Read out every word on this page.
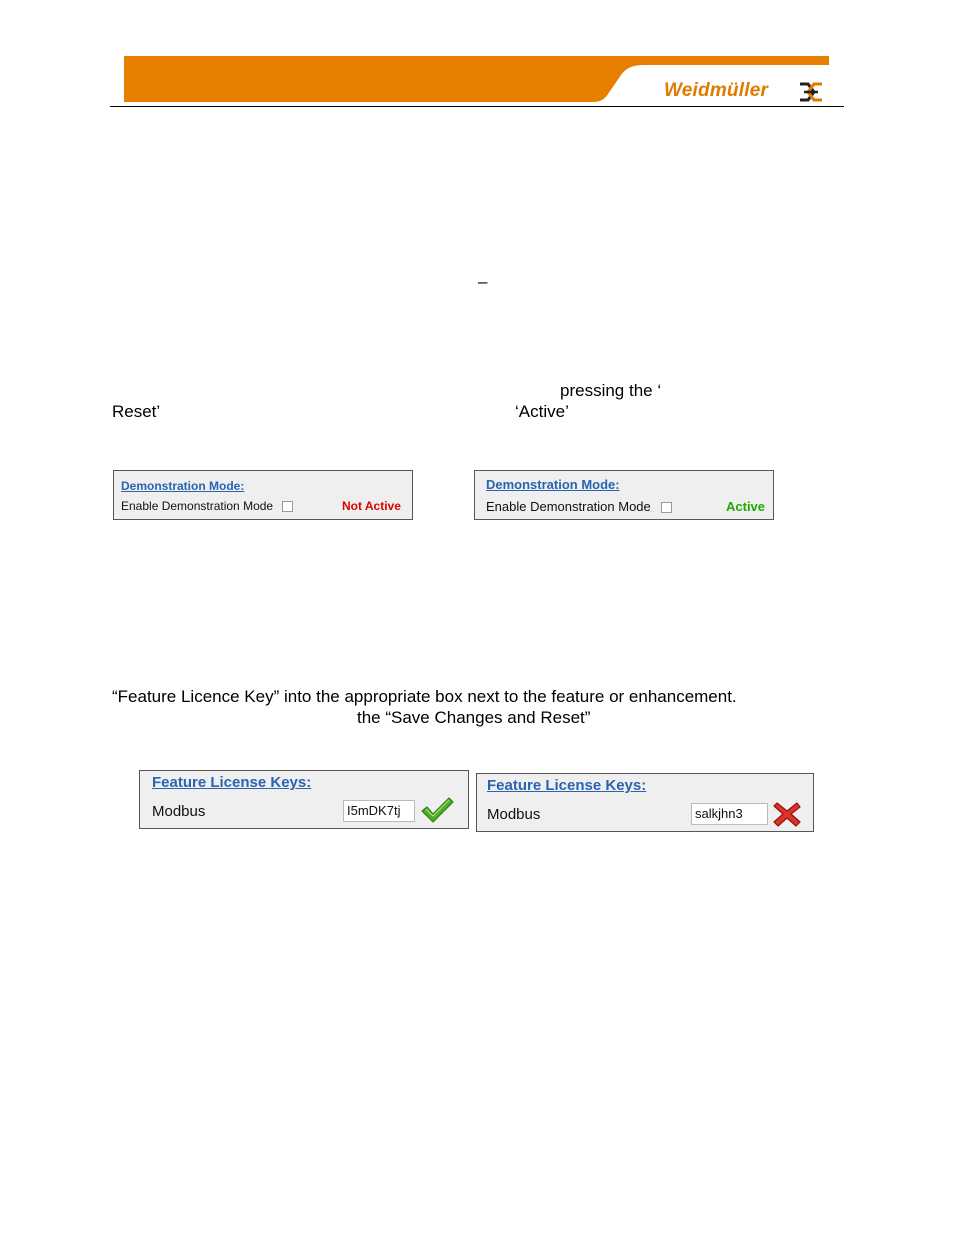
Weidmüller
–
pressing the ‘
Reset’	‘Active’
Demonstration Mode:
Enable Demonstration Mode	Not Active
Demonstration Mode:
Enable Demonstration Mode	Active
“Feature Licence Key” into the appropriate box next to the feature or enhancement.
the “Save Changes and Reset”
Feature License Keys:
Modbus	I5mDK7tj
Feature License Keys:
Modbus	salkjhn3
